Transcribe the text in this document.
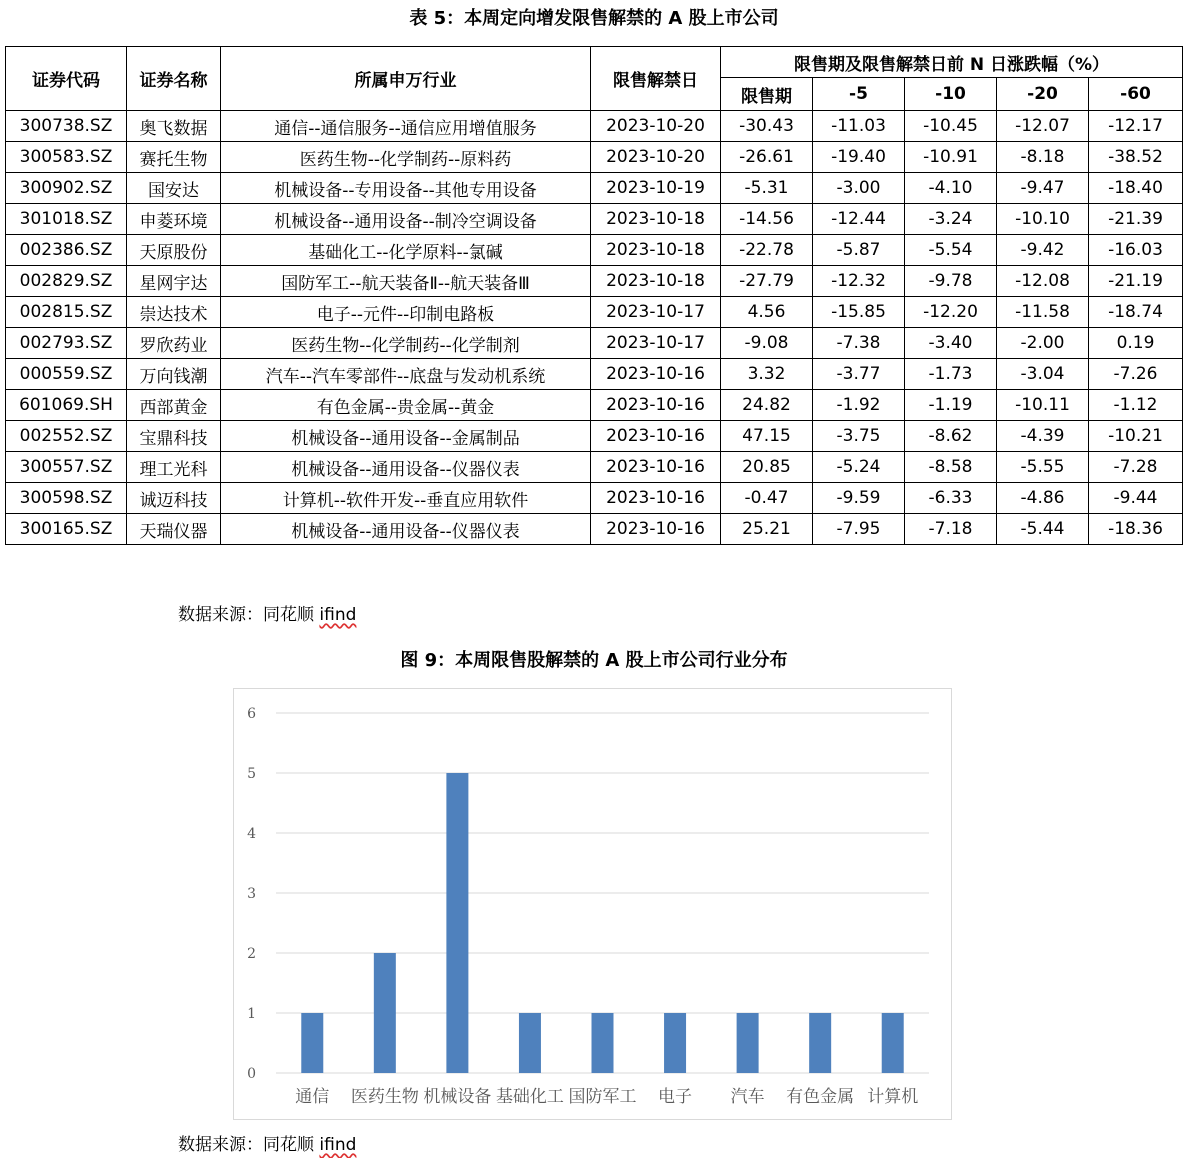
表 5：本周定向增发限售解禁的 A 股上市公司
证券代码	证券名称	所属申万行业	限售解禁日	限售期及限售解禁日前 N 日涨跌幅（%）				
				限售期	-5	-10	-20	-60
300738.SZ	奥飞数据	通信--通信服务--通信应用增值服务	2023-10-20	-30.43	-11.03	-10.45	-12.07	-12.17
300583.SZ	赛托生物	医药生物--化学制药--原料药	2023-10-20	-26.61	-19.40	-10.91	-8.18	-38.52
300902.SZ	国安达	机械设备--专用设备--其他专用设备	2023-10-19	-5.31	-3.00	-4.10	-9.47	-18.40
301018.SZ	申菱环境	机械设备--通用设备--制冷空调设备	2023-10-18	-14.56	-12.44	-3.24	-10.10	-21.39
002386.SZ	天原股份	基础化工--化学原料--氯碱	2023-10-18	-22.78	-5.87	-5.54	-9.42	-16.03
002829.SZ	星网宇达	国防军工--航天装备Ⅱ--航天装备Ⅲ	2023-10-18	-27.79	-12.32	-9.78	-12.08	-21.19
002815.SZ	崇达技术	电子--元件--印制电路板	2023-10-17	4.56	-15.85	-12.20	-11.58	-18.74
002793.SZ	罗欣药业	医药生物--化学制药--化学制剂	2023-10-17	-9.08	-7.38	-3.40	-2.00	0.19
000559.SZ	万向钱潮	汽车--汽车零部件--底盘与发动机系统	2023-10-16	3.32	-3.77	-1.73	-3.04	-7.26
601069.SH	西部黄金	有色金属--贵金属--黄金	2023-10-16	24.82	-1.92	-1.19	-10.11	-1.12
002552.SZ	宝鼎科技	机械设备--通用设备--金属制品	2023-10-16	47.15	-3.75	-8.62	-4.39	-10.21
300557.SZ	理工光科	机械设备--通用设备--仪器仪表	2023-10-16	20.85	-5.24	-8.58	-5.55	-7.28
300598.SZ	诚迈科技	计算机--软件开发--垂直应用软件	2023-10-16	-0.47	-9.59	-6.33	-4.86	-9.44
300165.SZ	天瑞仪器	机械设备--通用设备--仪器仪表	2023-10-16	25.21	-7.95	-7.18	-5.44	-18.36
数据来源：同花顺 ifind
图 9：本周限售股解禁的 A 股上市公司行业分布
0
1
2
3
4
5
6
通信 医药生物 机械设备 基础化工 国防军工 电子 汽车 有色金属 计算机
数据来源：同花顺 ifind
